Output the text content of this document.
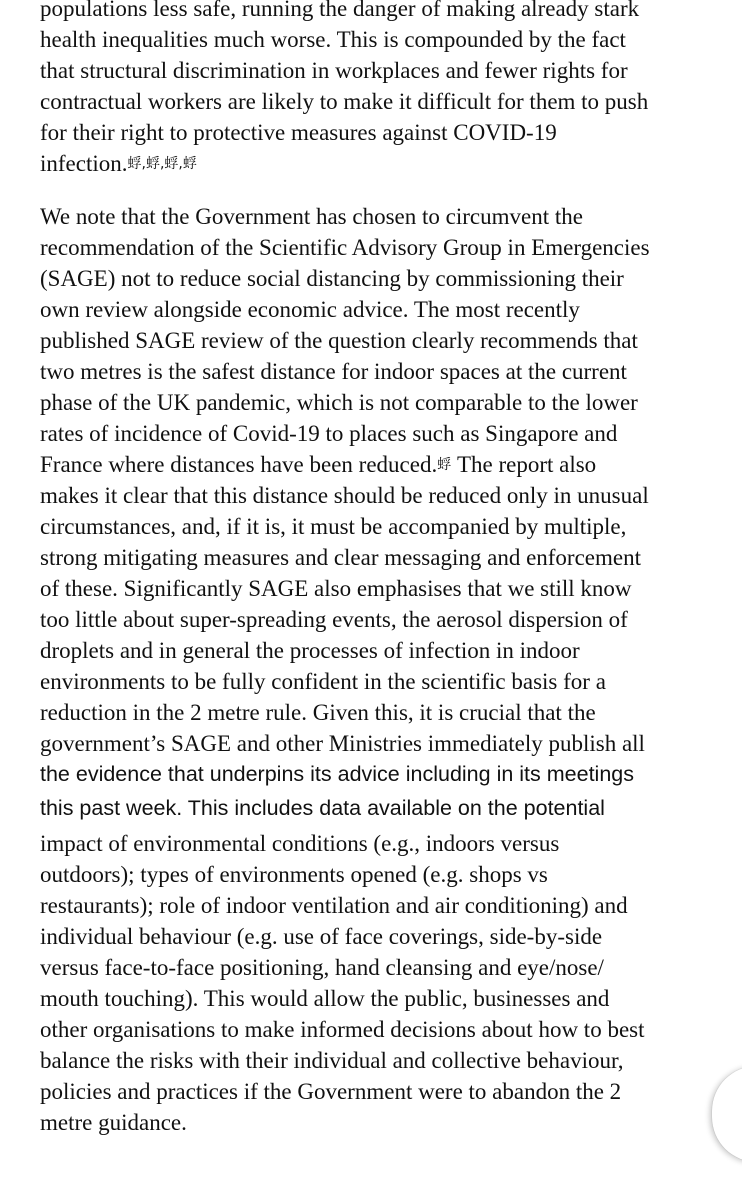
populations less safe, running the danger of making already stark
health inequalities much worse. This is compounded by the fact
that structural discrimination in workplaces and fewer rights for
contractual workers are likely to make it difficult for them to push
for their right to protective measures against COVID-19
infection.蜉,蜉,蜉,蜉
We note that the Government has chosen to circumvent the
recommendation of the Scientific Advisory Group in Emergencies
(SAGE) not to reduce social distancing by commissioning their
own review alongside economic advice. The most recently
published SAGE review of the question clearly recommends that
two metres is the safest distance for indoor spaces at the current
phase of the UK pandemic, which is not comparable to the lower
rates of incidence of Covid-19 to places such as Singapore and
France where distances have been reduced.蜉 The report also
makes it clear that this distance should be reduced only in unusual
circumstances, and, if it is, it must be accompanied by multiple,
strong mitigating measures and clear messaging and enforcement
of these. Significantly SAGE also emphasises that we still know
too little about super-spreading events, the aerosol dispersion of
droplets and in general the processes of infection in indoor
environments to be fully confident in the scientific basis for a
reduction in the 2 metre rule. Given this, it is crucial that the
government’s SAGE and other Ministries immediately publish all
the evidence that underpins its advice including in its meetings
this past week. This includes data available on the potential
impact of environmental conditions (e.g., indoors versus
outdoors); types of environments opened (e.g. shops vs
restaurants); role of indoor ventilation and air conditioning) and
individual behaviour (e.g. use of face coverings, side-by-side
versus face-to-face positioning, hand cleansing and eye/nose/
mouth touching). This would allow the public, businesses and
other organisations to make informed decisions about how to best
balance the risks with their individual and collective behaviour,
policies and practices if the Government were to abandon the 2
metre guidance.
